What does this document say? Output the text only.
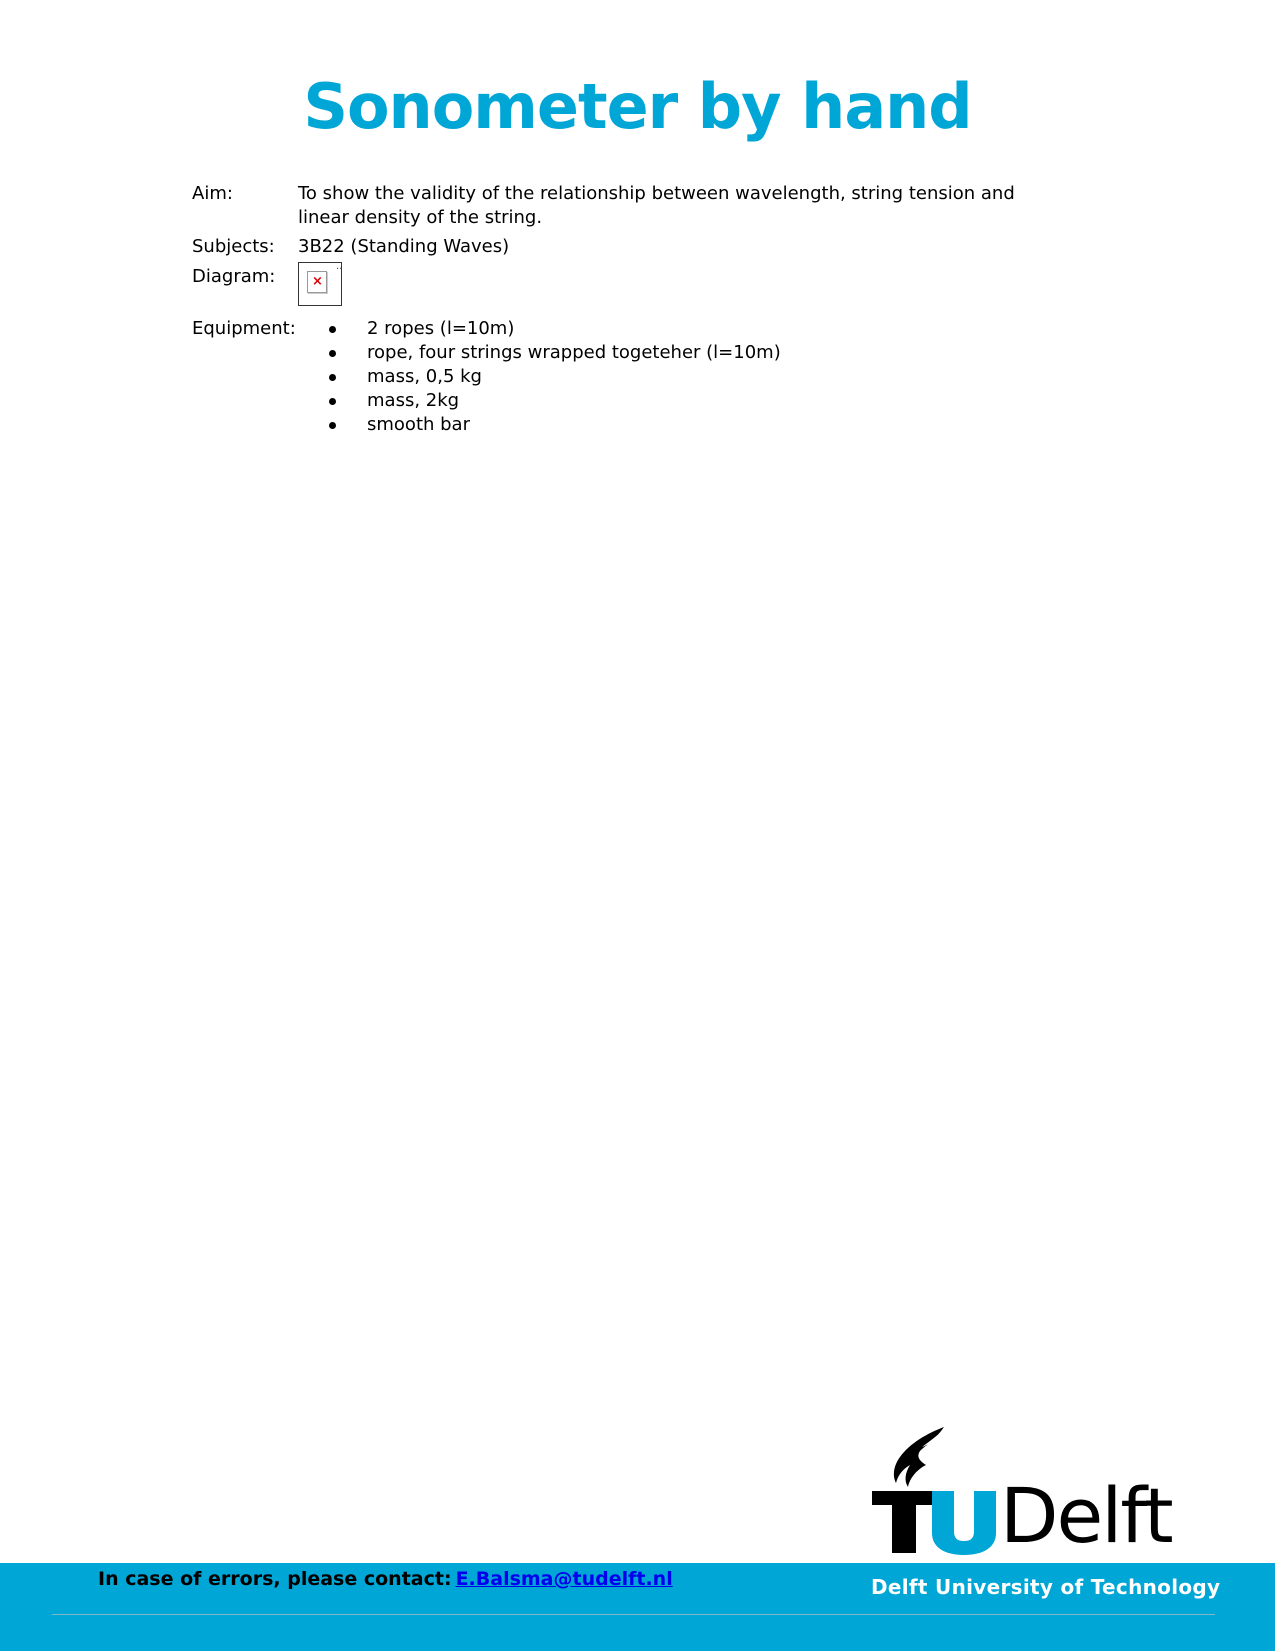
Sonometer by hand
Aim:	To show the validity of the relationship between wavelength, string tension and linear density of the string.
Subjects:	3B22 (Standing Waves)
Diagram:	×
..
Equipment:	2 ropes (l=10m)
rope, four strings wrapped togeteher (l=10m)
mass, 0,5 kg
mass, 2kg
smooth bar
Delft
In case of errors, please contact: E.Balsma@tudelft.nl	Delft University of Technology
